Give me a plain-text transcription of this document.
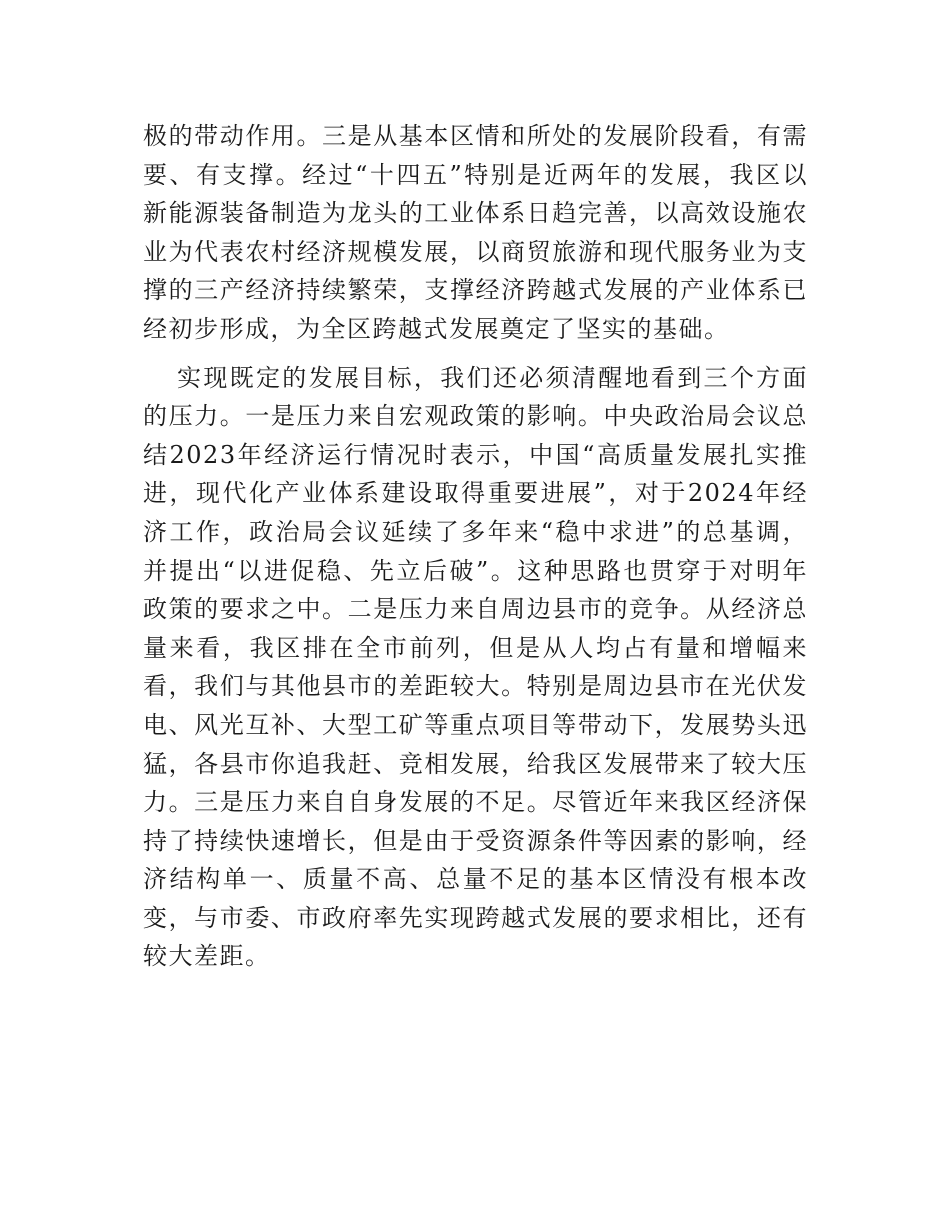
极的带动作用。三是从基本区情和所处的发展阶段看，有需要、有支撑。经过“十四五”特别是近两年的发展，我区以新能源装备制造为龙头的工业体系日趋完善，以高效设施农业为代表农村经济规模发展，以商贸旅游和现代服务业为支撑的三产经济持续繁荣，支撑经济跨越式发展的产业体系已经初步形成，为全区跨越式发展奠定了坚实的基础。

实现既定的发展目标，我们还必须清醒地看到三个方面的压力。一是压力来自宏观政策的影响。中央政治局会议总结2023年经济运行情况时表示，中国“高质量发展扎实推进，现代化产业体系建设取得重要进展”，对于2024年经济工作，政治局会议延续了多年来“稳中求进”的总基调，并提出“以进促稳、先立后破”。这种思路也贯穿于对明年政策的要求之中。二是压力来自周边县市的竞争。从经济总量来看，我区排在全市前列，但是从人均占有量和增幅来看，我们与其他县市的差距较大。特别是周边县市在光伏发电、风光互补、大型工矿等重点项目等带动下，发展势头迅猛，各县市你追我赶、竞相发展，给我区发展带来了较大压力。三是压力来自自身发展的不足。尽管近年来我区经济保持了持续快速增长，但是由于受资源条件等因素的影响，经济结构单一、质量不高、总量不足的基本区情没有根本改变，与市委、市政府率先实现跨越式发展的要求相比，还有较大差距。
